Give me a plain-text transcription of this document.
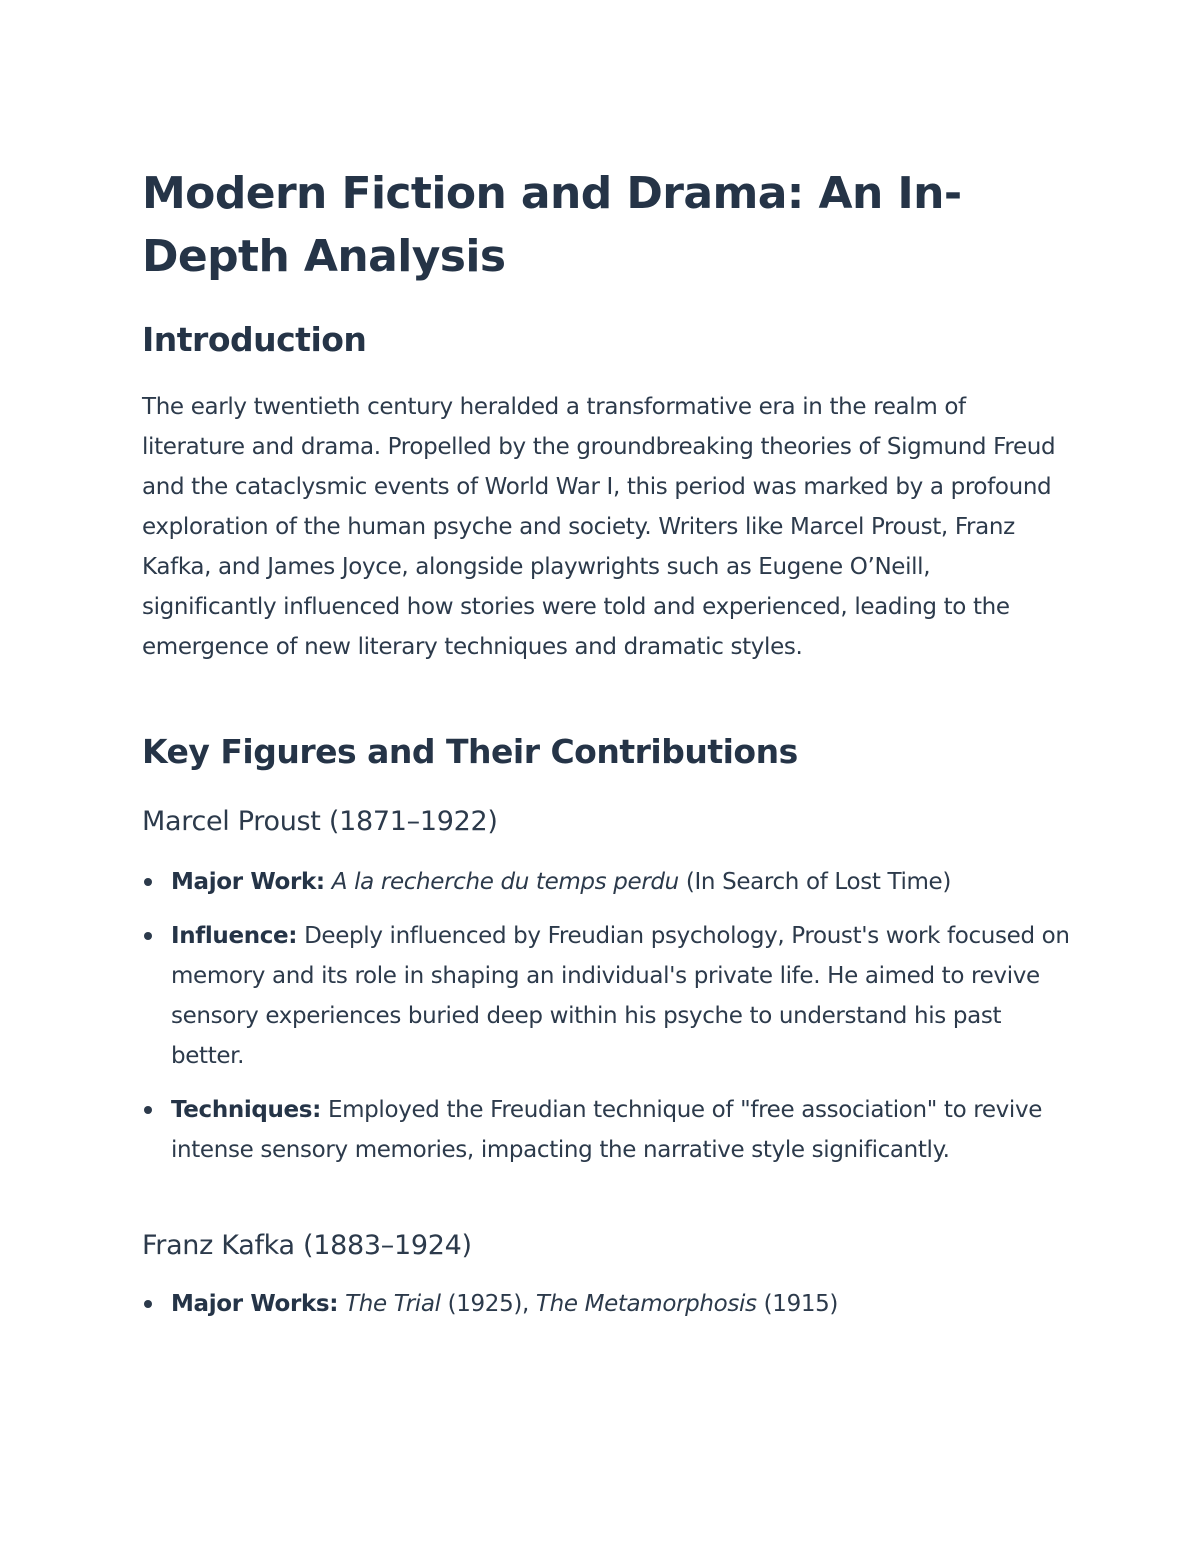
Modern Fiction and Drama: An In-Depth Analysis
Introduction

The early twentieth century heralded a transformative era in the realm of literature and drama. Propelled by the groundbreaking theories of Sigmund Freud and the cataclysmic events of World War I, this period was marked by a profound exploration of the human psyche and society. Writers like Marcel Proust, Franz Kafka, and James Joyce, alongside playwrights such as Eugene O’Neill, significantly influenced how stories were told and experienced, leading to the emergence of new literary techniques and dramatic styles.

Key Figures and Their Contributions
Marcel Proust (1871–1922)
Major Work: A la recherche du temps perdu (In Search of Lost Time)
Influence: Deeply influenced by Freudian psychology, Proust's work focused on memory and its role in shaping an individual's private life. He aimed to revive sensory experiences buried deep within his psyche to understand his past better.
Techniques: Employed the Freudian technique of "free association" to revive intense sensory memories, impacting the narrative style significantly.
Franz Kafka (1883–1924)
Major Works: The Trial (1925), The Metamorphosis (1915)
